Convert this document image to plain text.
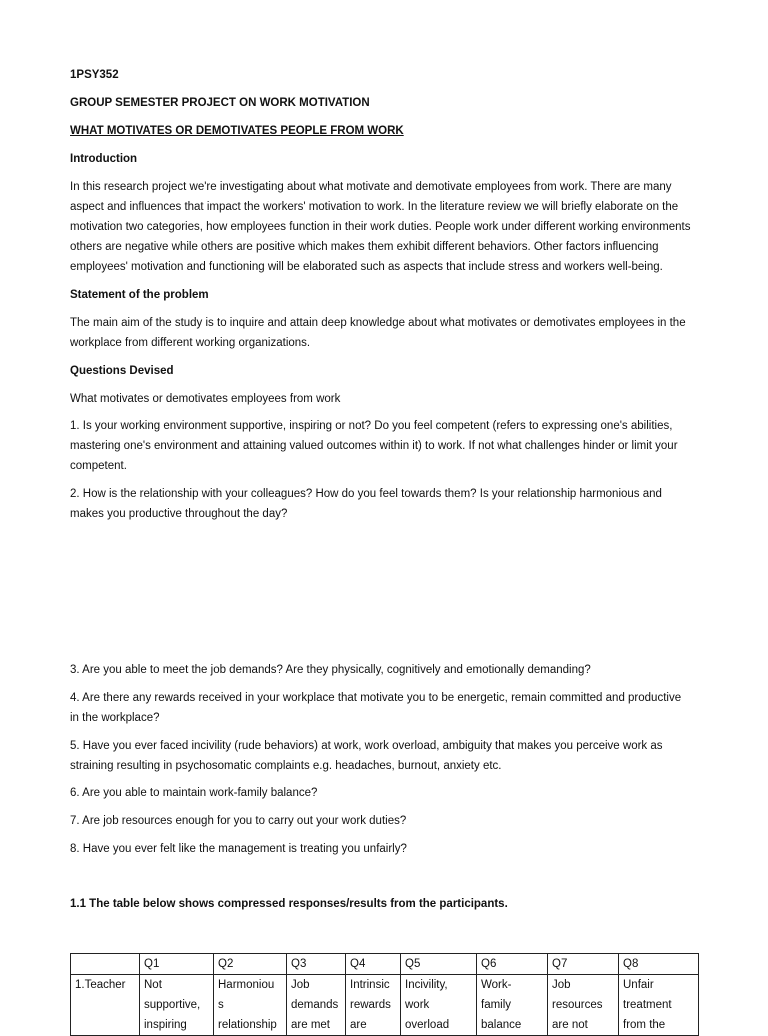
1PSY352

GROUP SEMESTER PROJECT ON WORK MOTIVATION

WHAT MOTIVATES OR DEMOTIVATES PEOPLE FROM WORK

Introduction

In this research project we're investigating about what motivate and demotivate employees from work. There are many
aspect and influences that impact the workers' motivation to work. In the literature review we will briefly elaborate on the
motivation two categories, how employees function in their work duties. People work under different working environments
others are negative while others are positive which makes them exhibit different behaviors. Other factors influencing
employees' motivation and functioning will be elaborated such as aspects that include stress and workers well-being.

Statement of the problem

The main aim of the study is to inquire and attain deep knowledge about what motivates or demotivates employees in the
workplace from different working organizations.

Questions Devised

What motivates or demotivates employees from work

1. Is your working environment supportive, inspiring or not? Do you feel competent (refers to expressing one's abilities,
mastering one's environment and attaining valued outcomes within it) to work. If not what challenges hinder or limit your
competent.
2. How is the relationship with your colleagues? How do you feel towards them? Is your relationship harmonious and
makes you productive throughout the day?
3. Are you able to meet the job demands? Are they physically, cognitively and emotionally demanding?
4. Are there any rewards received in your workplace that motivate you to be energetic, remain committed and productive
in the workplace?
5. Have you ever faced incivility (rude behaviors) at work, work overload, ambiguity that makes you perceive work as
straining resulting in psychosomatic complaints e.g. headaches, burnout, anxiety etc.
6. Are you able to maintain work-family balance?
7. Are job resources enough for you to carry out your work duties?
8. Have you ever felt like the management is treating you unfairly?

1.1 The table below shows compressed responses/results from the participants.

	Q1	Q2	Q3	Q4	Q5	Q6	Q7	Q8
1.Teacher	Not
supportive,
inspiring	Harmoniou
s
relationship	Job
demands
are met	Intrinsic
rewards
are	Incivility,
work
overload	Work-
family
balance	Job
resources
are not	Unfair
treatment
from the
